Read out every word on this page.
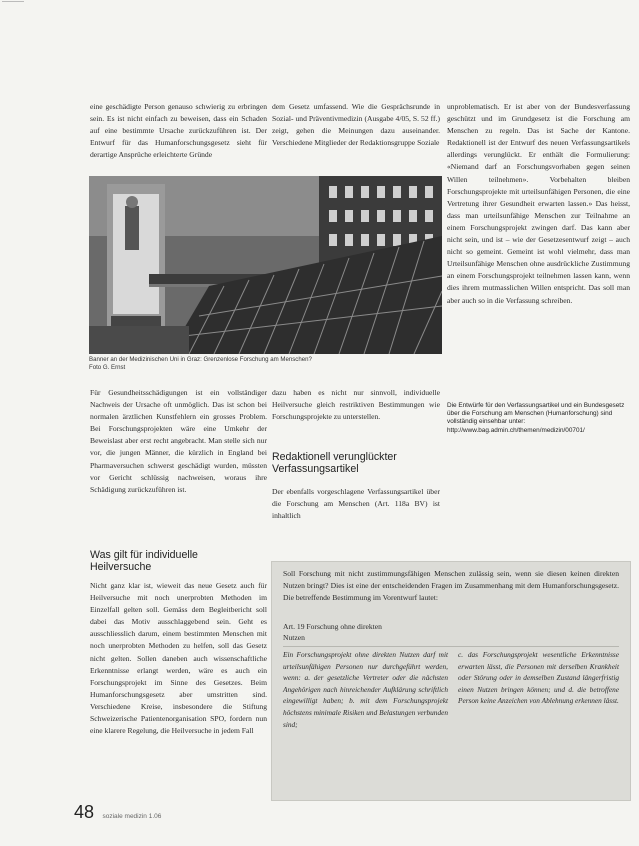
eine geschädigte Person genauso schwierig zu erbringen sein. Es ist nicht einfach zu beweisen, dass ein Schaden auf eine bestimmte Ursache zurückzuführen ist. Der Entwurf für das Humanforschungsgesetz sieht für derartige Ansprüche erleichterte Gründe

dem Gesetz umfassend. Wie die Gesprächsrunde in Sozial- und Präventivmedizin (Ausgabe 4/05, S. 52 ff.) zeigt, gehen die Meinungen dazu auseinander. Verschiedene Mitglieder der Redaktionsgruppe Soziale

unproblematisch. Er ist aber von der Bundesverfassung geschützt und im Grundgesetz ist die Forschung am Menschen zu regeln. Das ist Sache der Kantone. Redaktionell ist der Entwurf des neuen Verfassungsartikels allerdings verunglückt. Er enthält die Formulierung: «Niemand darf an Forschungsvorhaben gegen seinen Willen teilnehmen». Vorbehalten bleiben Forschungsprojekte mit urteilsunfähigen Personen, die eine Vertretung ihrer Gesundheit erwarten lassen.» Das heisst, dass man urteilsunfähige Menschen zur Teilnahme an einem Forschungsprojekt zwingen darf. Das kann aber nicht sein, und ist – wie der Gesetzesentwurf zeigt – auch nicht so gemeint. Gemeint ist wohl vielmehr, dass man Urteilsunfähige Menschen ohne ausdrückliche Zustimmung an einem Forschungsprojekt teilnehmen lassen kann, wenn dies ihrem mutmasslichen Willen entspricht. Das soll man aber auch so in die Verfassung schreiben.

Banner an der Medizinischen Uni in Graz: Grenzenlose Forschung am Menschen?
Foto G. Ernst

Für Gesundheitsschädigungen ist ein vollständiger Nachweis der Ursache oft unmöglich. Das ist schon bei normalen ärztlichen Kunstfehlern ein grosses Problem. Bei Forschungsprojekten wäre eine Umkehr der Beweislast aber erst recht angebracht. Man stelle sich nur vor, die jungen Männer, die kürzlich in England bei Pharmaversuchen schwerst geschädigt wurden, müssten vor Gericht schlüssig nachweisen, woraus ihre Schädigung zurückzuführen ist.

dazu haben es nicht nur sinnvoll, individuelle Heilversuche gleich restriktiven Bestimmungen wie Forschungsprojekte zu unterstellen.

Redaktionell verunglückter
Verfassungsartikel

Der ebenfalls vorgeschlagene Verfassungsartikel über die Forschung am Menschen (Art. 118a BV) ist inhaltlich

Was gilt für individuelle
Heilversuche

Nicht ganz klar ist, wieweit das neue Gesetz auch für Heilversuche mit noch unerprobten Methoden im Einzelfall gelten soll. Gemäss dem Begleitbericht soll dabei das Motiv ausschlaggebend sein. Geht es ausschliesslich darum, einem bestimmten Menschen mit noch unerprobten Methoden zu helfen, soll das Gesetz nicht gelten. Sollen daneben auch wissenschaftliche Erkenntnisse erlangt werden, wäre es auch ein Forschungsprojekt im Sinne des Gesetzes. Beim Humanforschungsgesetz aber umstritten sind. Verschiedene Kreise, insbesondere die Stiftung Schweizerische Patientenorganisation SPO, fordern nun eine klarere Regelung, die Heilversuche in jedem Fall

Die Entwürfe für den Verfassungsartikel und ein Bundesgesetz über die Forschung am Menschen (Humanforschung) sind vollständig einsehbar unter: http://www.bag.admin.ch/themen/medizin/00701/
Soll Forschung mit nicht zustimmungsfähigen Menschen zulässig sein, wenn sie diesen keinen direkten Nutzen bringt? Dies ist eine der entscheidenden Fragen im Zusammenhang mit dem Humanforschungsgesetz. Die betreffende Bestimmung im Vorentwurf lautet:
Art. 19 Forschung ohne direkten
Nutzen
Ein Forschungsprojekt ohne direkten Nutzen darf mit urteilsunfähigen Personen nur durchgeführt werden, wenn: a. der gesetzliche Vertreter oder die nächsten Angehörigen nach hinreichender Aufklärung schriftlich eingewilligt haben; b. mit dem Forschungsprojekt höchstens minimale Risiken und Belastungen verbunden sind;
c. das Forschungsprojekt wesentliche Erkenntnisse erwarten lässt, die Personen mit derselben Krankheit oder Störung oder in demselben Zustand längerfristig einen Nutzen bringen können; und d. die betroffene Person keine Anzeichen von Ablehnung erkennen lässt.
48 soziale medizin 1.06
